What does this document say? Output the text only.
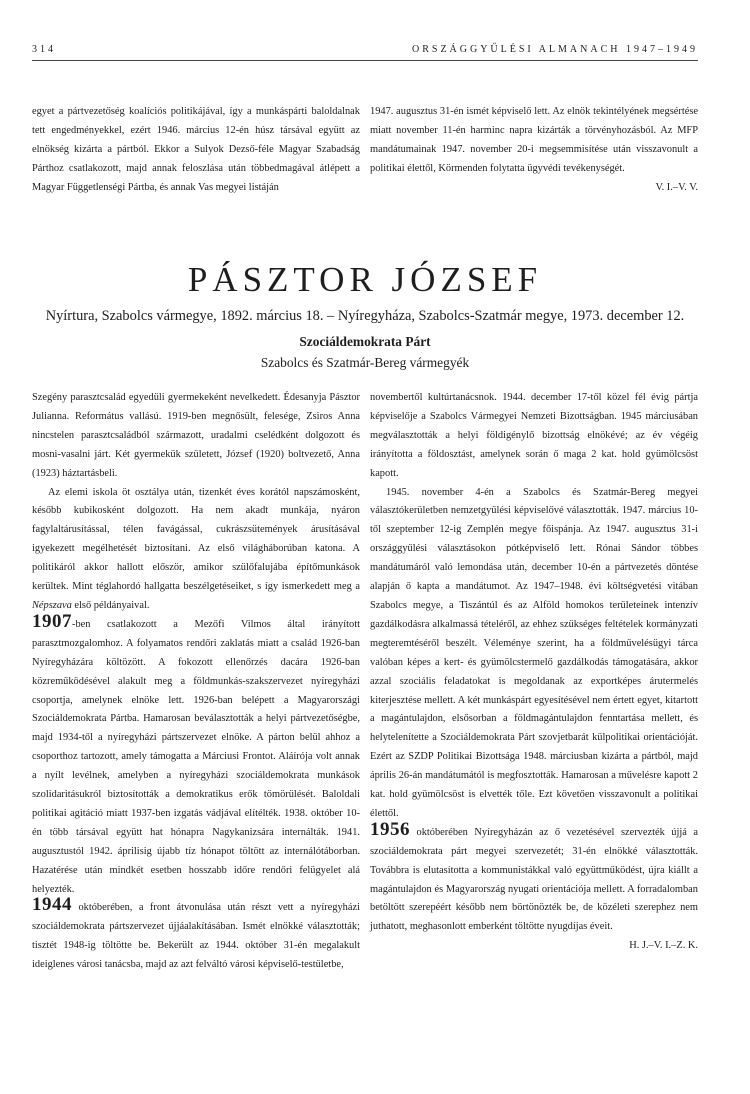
314	ORSZÁGGYŰLÉSI ALMANACH 1947–1949

egyet a pártvezetőség koalíciós politikájával, így a munkáspárti baloldalnak tett engedményekkel, ezért 1946. március 12-én húsz társával együtt az elnökség kizárta a pártból. Ekkor a Sulyok Dezső-féle Magyar Szabadság Párthoz csatlakozott, majd annak feloszlása után többedmagával átlépett a Magyar Függetlenségi Pártba, és annak Vas megyei listáján

1947. augusztus 31-én ismét képviselő lett. Az elnök tekintélyének megsértése miatt november 11-én harminc napra kizárták a törvényhozásból. Az MFP mandátumainak 1947. november 20-i megsemmisítése után visszavonult a politikai élettől, Körmenden folytatta ügyvédi tevékenységét.

V. I.–V. V.
PÁSZTOR JÓZSEF
Nyírtura, Szabolcs vármegye, 1892. március 18. – Nyíregyháza, Szabolcs-Szatmár megye, 1973. december 12.
Szociáldemokrata Párt
Szabolcs és Szatmár-Bereg vármegyék

Szegény parasztcsalád egyedüli gyermekeként nevelkedett. Édesanyja Pásztor Julianna. Református vallású. 1919-ben megnősült, felesége, Zsiros Anna nincstelen parasztcsaládból származott, uradalmi cselédként dolgozott és mosni-vasalni járt. Két gyermekük született, József (1920) boltvezető, Anna (1923) háztartásbeli.

Az elemi iskola öt osztálya után, tizenkét éves korától napszámosként, később kubikosként dolgozott. Ha nem akadt munkája, nyáron fagylaltárusítással, télen favágással, cukrászsütemények árusításával igyekezett megélhetését biztosítani. Az első világháborúban katona. A politikáról akkor hallott először, amikor szülőfalujába építőmunkások kerültek. Mint téglahordó hallgatta beszélgetéseiket, s így ismerkedett meg a Népszava első példányaival.

1907-ben csatlakozott a Mezőfi Vilmos által irányított parasztmozgalomhoz. A folyamatos rendőri zaklatás miatt a család 1926-ban Nyíregyházára költözött. A fokozott ellenőrzés dacára 1926-ban közreműködésével alakult meg a földmunkás-szakszervezet nyíregyházi csoportja, amelynek elnöke lett. 1926-ban belépett a Magyarországi Szociáldemokrata Pártba. Hamarosan beválasztották a helyi pártvezetőségbe, majd 1934-től a nyíregyházi pártszervezet elnöke. A párton belül ahhoz a csoporthoz tartozott, amely támogatta a Márciusi Frontot. Aláírója volt annak a nyílt levélnek, amelyben a nyíregyházi szociáldemokrata munkások szolidaritásukról biztosították a demokratikus erők tömörülését. Baloldali politikai agitáció miatt 1937-ben izgatás vádjával elítélték. 1938. október 10-én több társával együtt hat hónapra Nagykanizsára internálták. 1941. augusztustól 1942. áprilisig újabb tíz hónapot töltött az internálótáborban. Hazatérése után mindkét esetben hosszabb időre rendőri felügyelet alá helyezték.

1944 októberében, a front átvonulása után részt vett a nyíregyházi szociáldemokrata pártszervezet újjáalakításában. Ismét elnökké választották; tisztét 1948-ig töltötte be. Bekerült az 1944. október 31-én megalakult ideiglenes városi tanácsba, majd az azt felváltó városi képviselő-testületbe,

novembertől kultúrtanácsnok. 1944. december 17-től közel fél évig pártja képviselője a Szabolcs Vármegyei Nemzeti Bizottságban. 1945 márciusában megválasztották a helyi földigénylő bizottság elnökévé; az év végéig irányította a földosztást, amelynek során ő maga 2 kat. hold gyümölcsöst kapott.

1945. november 4-én a Szabolcs és Szatmár-Bereg megyei választókerületben nemzetgyűlési képviselővé választották. 1947. március 10-től szeptember 12-ig Zemplén megye főispánja. Az 1947. augusztus 31-i országgyűlési választásokon pótképviselő lett. Rónai Sándor többes mandátumáról való lemondása után, december 10-én a pártvezetés döntése alapján ő kapta a mandátumot. Az 1947–1948. évi költségvetési vitában Szabolcs megye, a Tiszántúl és az Alföld homokos területeinek intenzív gazdálkodásra alkalmassá tételéről, az ehhez szükséges feltételek kormányzati megteremtéséről beszélt. Véleménye szerint, ha a földművelésügyi tárca valóban képes a kert- és gyümölcstermelő gazdálkodás támogatására, akkor azzal szociális feladatokat is megoldanak az exportképes árutermelés kiterjesztése mellett. A két munkáspárt egyesítésével nem értett egyet, kitartott a magántulajdon, elsősorban a földmagántulajdon fenntartása mellett, és helytelenítette a Szociáldemokrata Párt szovjetbarát külpolitikai orientációját. Ezért az SZDP Politikai Bizottsága 1948. márciusban kizárta a pártból, majd április 26-án mandátumától is megfosztották. Hamarosan a művelésre kapott 2 kat. hold gyümölcsöst is elvették tőle. Ezt követően visszavonult a politikai élettől.

1956 októberében Nyíregyházán az ő vezetésével szervezték újjá a szociáldemokrata párt megyei szervezetét; 31-én elnökké választották. Továbbra is elutasította a kommunistákkal való együttműködést, újra kiállt a magántulajdon és Magyarország nyugati orientációja mellett. A forradalomban betöltött szerepéért később nem börtönözték be, de közéleti szerephez nem juthatott, meghasonlott emberként töltötte nyugdíjas éveit.

H. J.–V. I.–Z. K.
